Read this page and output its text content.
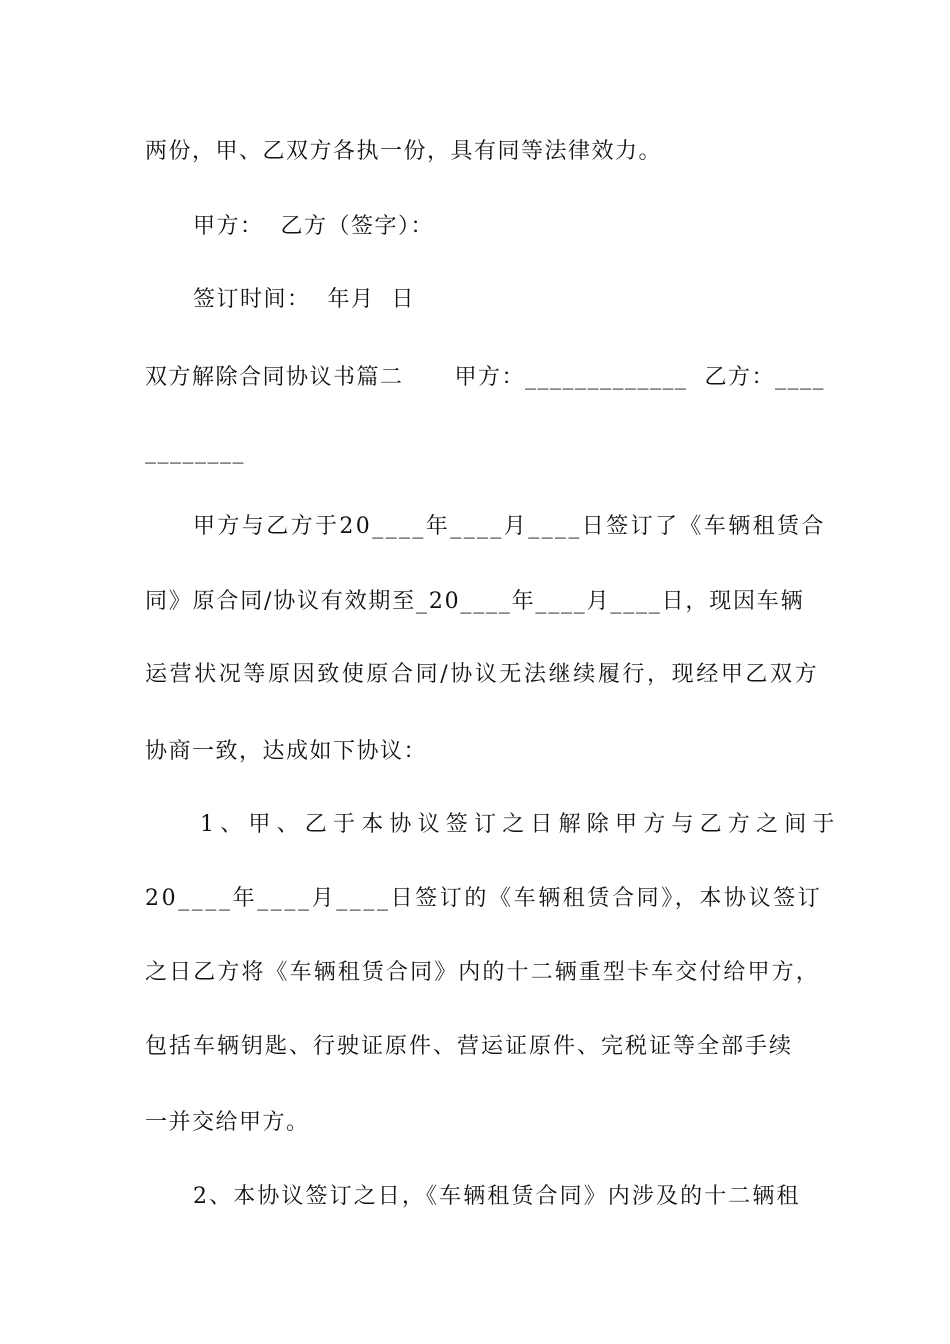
两份，甲、乙双方各执一份，具有同等法律效力。
甲方：  乙方（签字）：
签订时间：  年月  日
双方解除合同协议书篇二      甲方：_____________  乙方：____
________
甲方与乙方于20____年____月____日签订了《车辆租赁合
同》原合同/协议有效期至_20____年____月____日，现因车辆
运营状况等原因致使原合同/协议无法继续履行，现经甲乙双方
协商一致，达成如下协议：
1、甲、乙于本协议签订之日解除甲方与乙方之间于
20____年____月____日签订的《车辆租赁合同》，本协议签订
之日乙方将《车辆租赁合同》内的十二辆重型卡车交付给甲方，
包括车辆钥匙、行驶证原件、营运证原件、完税证等全部手续
一并交给甲方。
2、本协议签订之日，《车辆租赁合同》内涉及的十二辆租
